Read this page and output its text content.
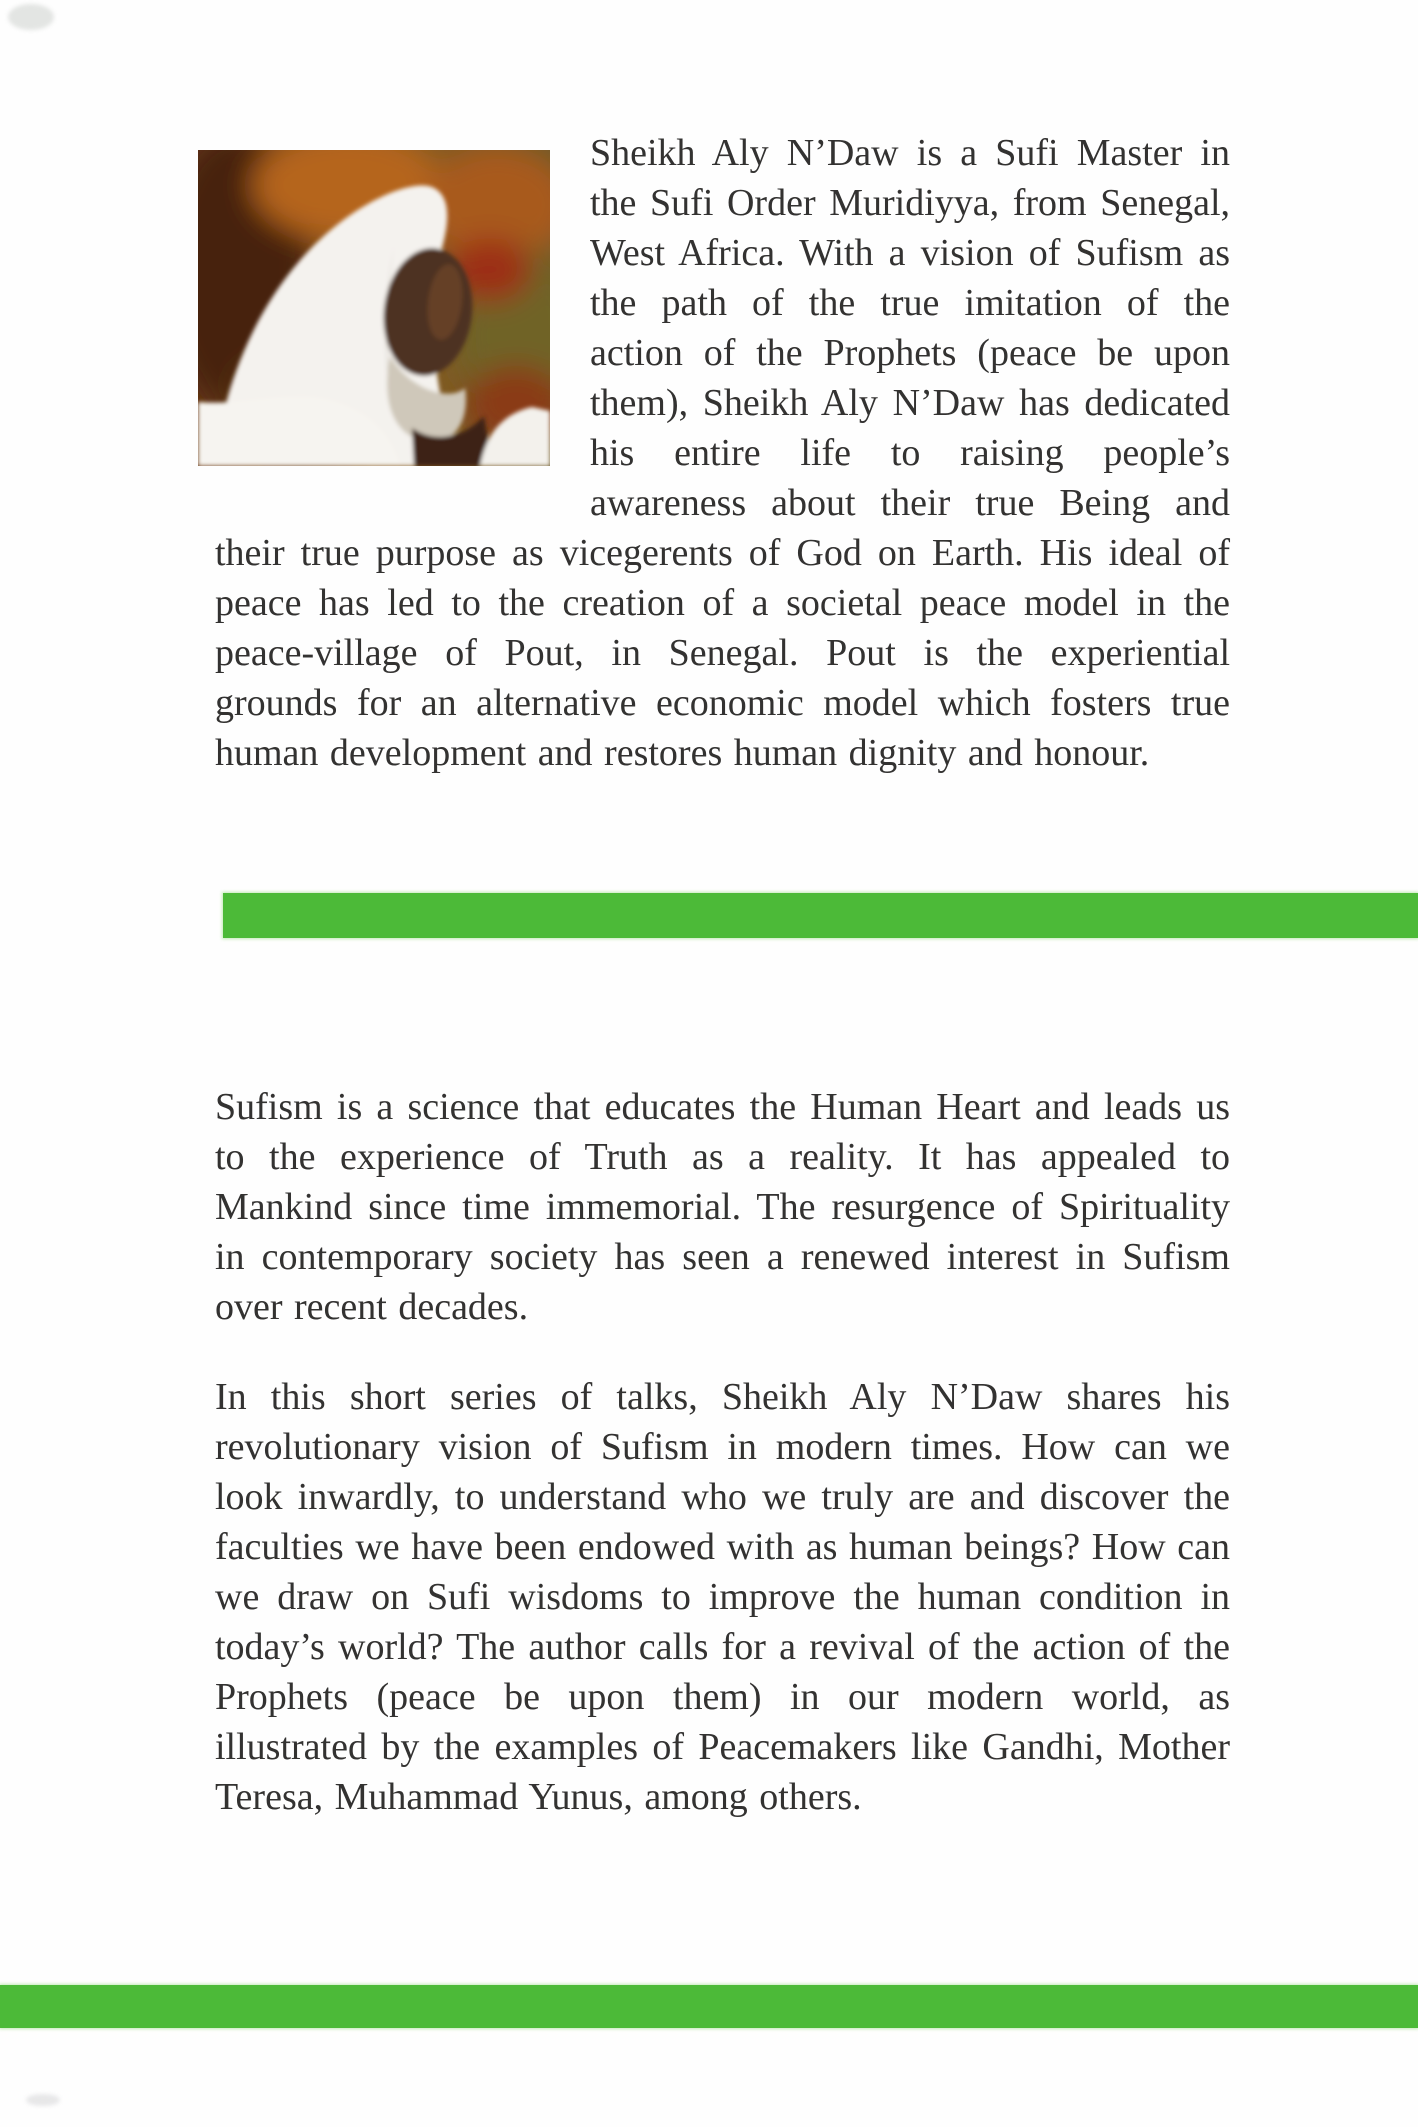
Sheikh Aly N’Daw is a Sufi Master in the Sufi Order Muridiyya, from Senegal, West Africa. With a vision of Sufism as the path of the true imitation of the action of the Prophets (peace be upon them), Sheikh Aly N’Daw has dedicated his entire life to raising people’s awareness about their true Being and their true purpose as vicegerents of God on Earth. His ideal of peace has led to the creation of a societal peace model in the peace-village of Pout, in Senegal. Pout is the experiential grounds for an alternative economic model which fosters true human development and restores human dignity and honour.

Sufism is a science that educates the Human Heart and leads us to the experience of Truth as a reality. It has appealed to Mankind since time immemorial. The resurgence of Spirituality in contemporary society has seen a renewed interest in Sufism over recent decades.

In this short series of talks, Sheikh Aly N’Daw shares his revolutionary vision of Sufism in modern times. How can we look inwardly, to understand who we truly are and discover the faculties we have been endowed with as human beings? How can we draw on Sufi wisdoms to improve the human condition in today’s world? The author calls for a revival of the action of the Prophets (peace be upon them) in our modern world, as illustrated by the examples of Peacemakers like Gandhi, Mother Teresa, Muhammad Yunus, among others.
